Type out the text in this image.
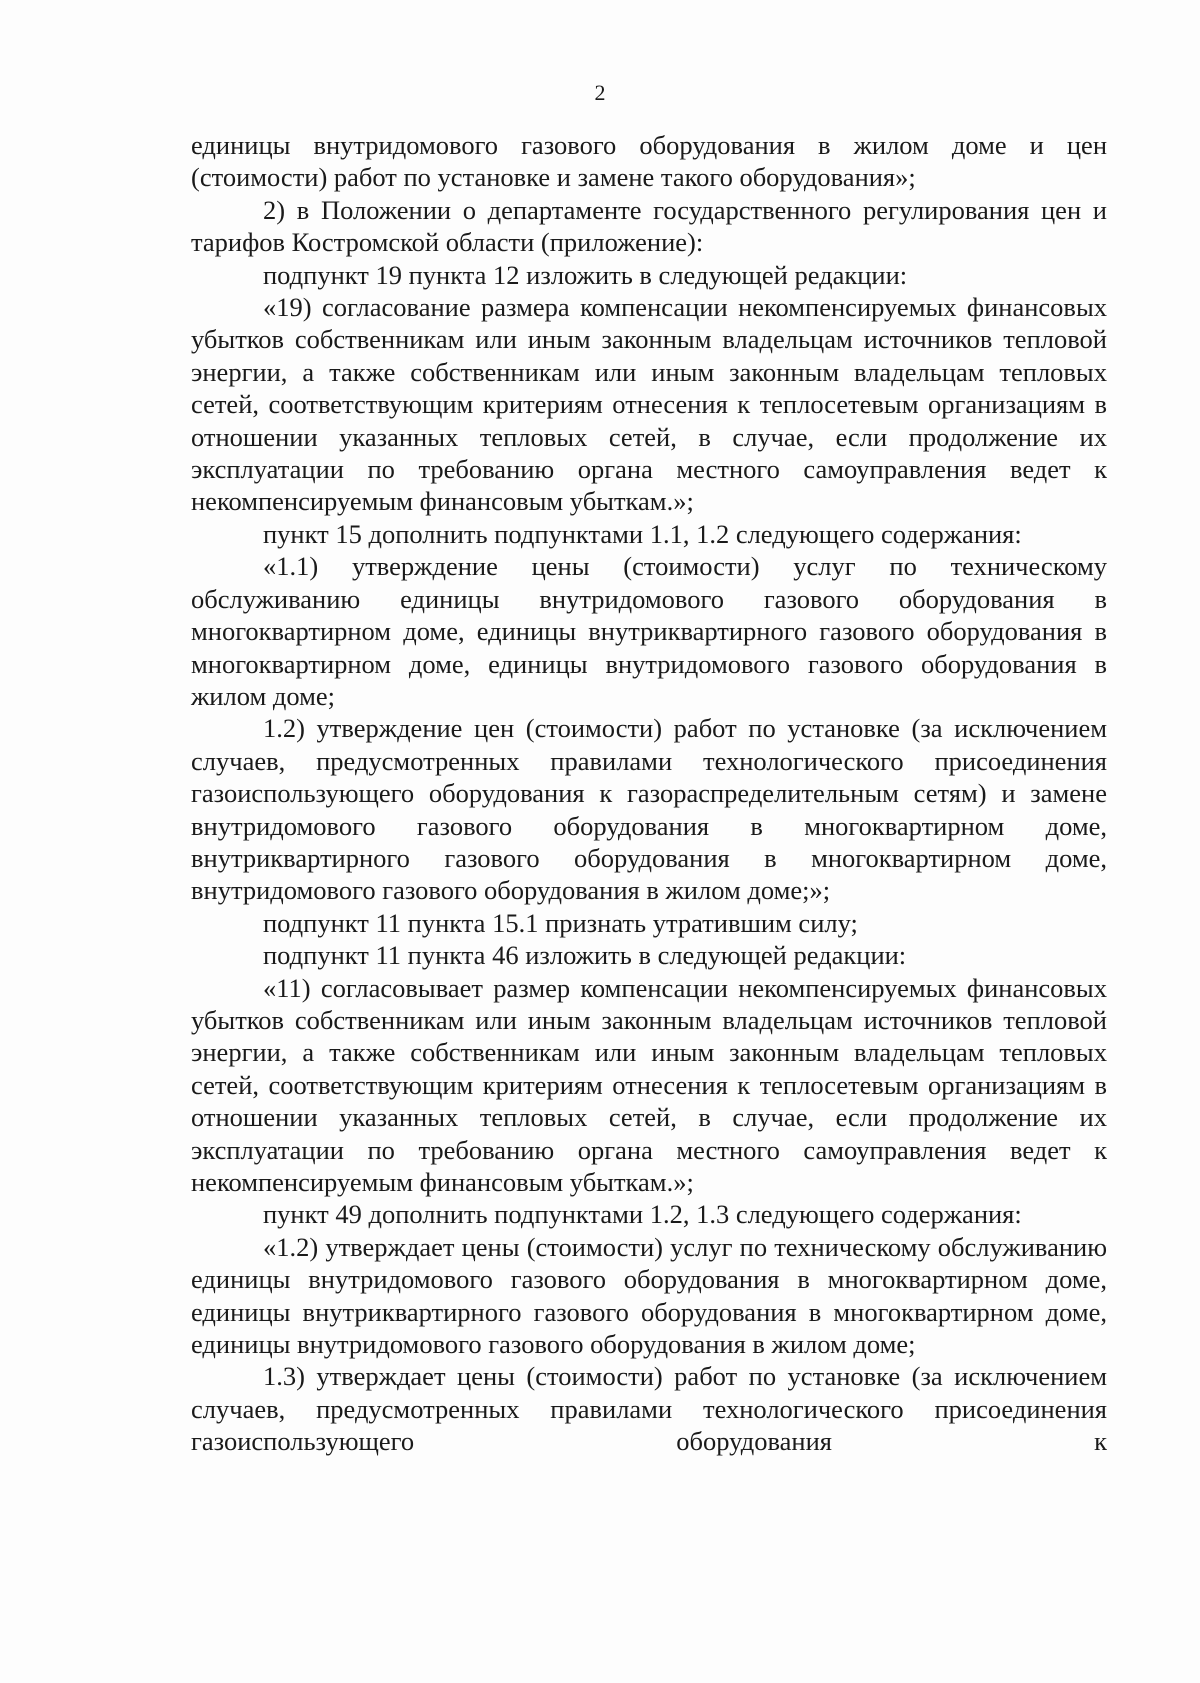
2

единицы внутридомового газового оборудования в жилом доме и цен (стоимости) работ по установке и замене такого оборудования»;

2) в Положении о департаменте государственного регулирования цен и тарифов Костромской области (приложение):

подпункт 19 пункта 12 изложить в следующей редакции:

«19) согласование размера компенсации некомпенсируемых финансовых убытков собственникам или иным законным владельцам источников тепловой энергии, а также собственникам или иным законным владельцам тепловых сетей, соответствующим критериям отнесения к теплосетевым организациям в отношении указанных тепловых сетей, в случае, если продолжение их эксплуатации по требованию органа местного самоуправления ведет к некомпенсируемым финансовым убыткам.»;

пункт 15 дополнить подпунктами 1.1, 1.2 следующего содержания:

«1.1) утверждение цены (стоимости) услуг по техническому обслуживанию единицы внутридомового газового оборудования в многоквартирном доме, единицы внутриквартирного газового оборудования в многоквартирном доме, единицы внутридомового газового оборудования в жилом доме;

1.2) утверждение цен (стоимости) работ по установке (за исключением случаев, предусмотренных правилами технологического присоединения газоиспользующего оборудования к газораспределительным сетям) и замене внутридомового газового оборудования в многоквартирном доме, внутриквартирного газового оборудования в многоквартирном доме, внутридомового газового оборудования в жилом доме;»;

подпункт 11 пункта 15.1 признать утратившим силу;

подпункт 11 пункта 46 изложить в следующей редакции:

«11) согласовывает размер компенсации некомпенсируемых финансовых убытков собственникам или иным законным владельцам источников тепловой энергии, а также собственникам или иным законным владельцам тепловых сетей, соответствующим критериям отнесения к теплосетевым организациям в отношении указанных тепловых сетей, в случае, если продолжение их эксплуатации по требованию органа местного самоуправления ведет к некомпенсируемым финансовым убыткам.»;

пункт 49 дополнить подпунктами 1.2, 1.3 следующего содержания:

«1.2) утверждает цены (стоимости) услуг по техническому обслуживанию единицы внутридомового газового оборудования в многоквартирном доме, единицы внутриквартирного газового оборудования в многоквартирном доме, единицы внутридомового газового оборудования в жилом доме;

1.3) утверждает цены (стоимости) работ по установке (за исключением случаев, предусмотренных правилами технологического присоединения газоиспользующего оборудования к
